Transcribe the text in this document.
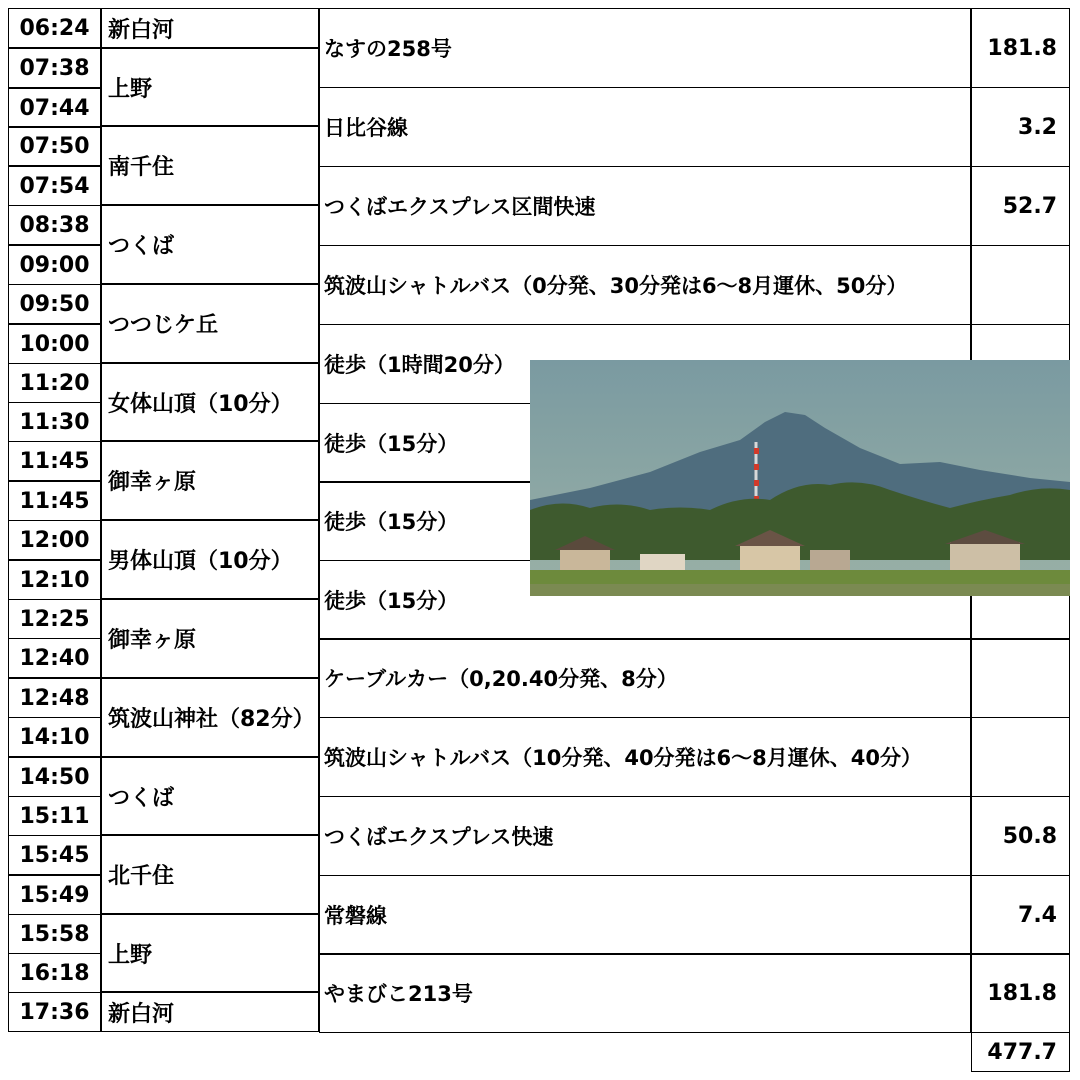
06:24
07:38
07:44
07:50
07:54
08:38
09:00
09:50
10:00
11:20
11:30
11:45
11:45
12:00
12:10
12:25
12:40
12:48
14:10
14:50
15:11
15:45
15:49
15:58
16:18
17:36
新白河
上野
南千住
つくば
つつじケ丘
女体山頂（10分）
御幸ヶ原
男体山頂（10分）
御幸ヶ原
筑波山神社（82分）
つくば
北千住
上野
新白河
なすの258号
日比谷線
つくばエクスプレス区間快速
筑波山シャトルバス（0分発、30分発は6～8月運休、50分）
徒歩（1時間20分）
徒歩（15分）
徒歩（15分）
徒歩（15分）
ケーブルカー（0,20.40分発、8分）
筑波山シャトルバス（10分発、40分発は6～8月運休、40分）
つくばエクスプレス快速
常磐線
やまびこ213号
181.8
3.2
52.7
50.8
7.4
181.8
477.7
